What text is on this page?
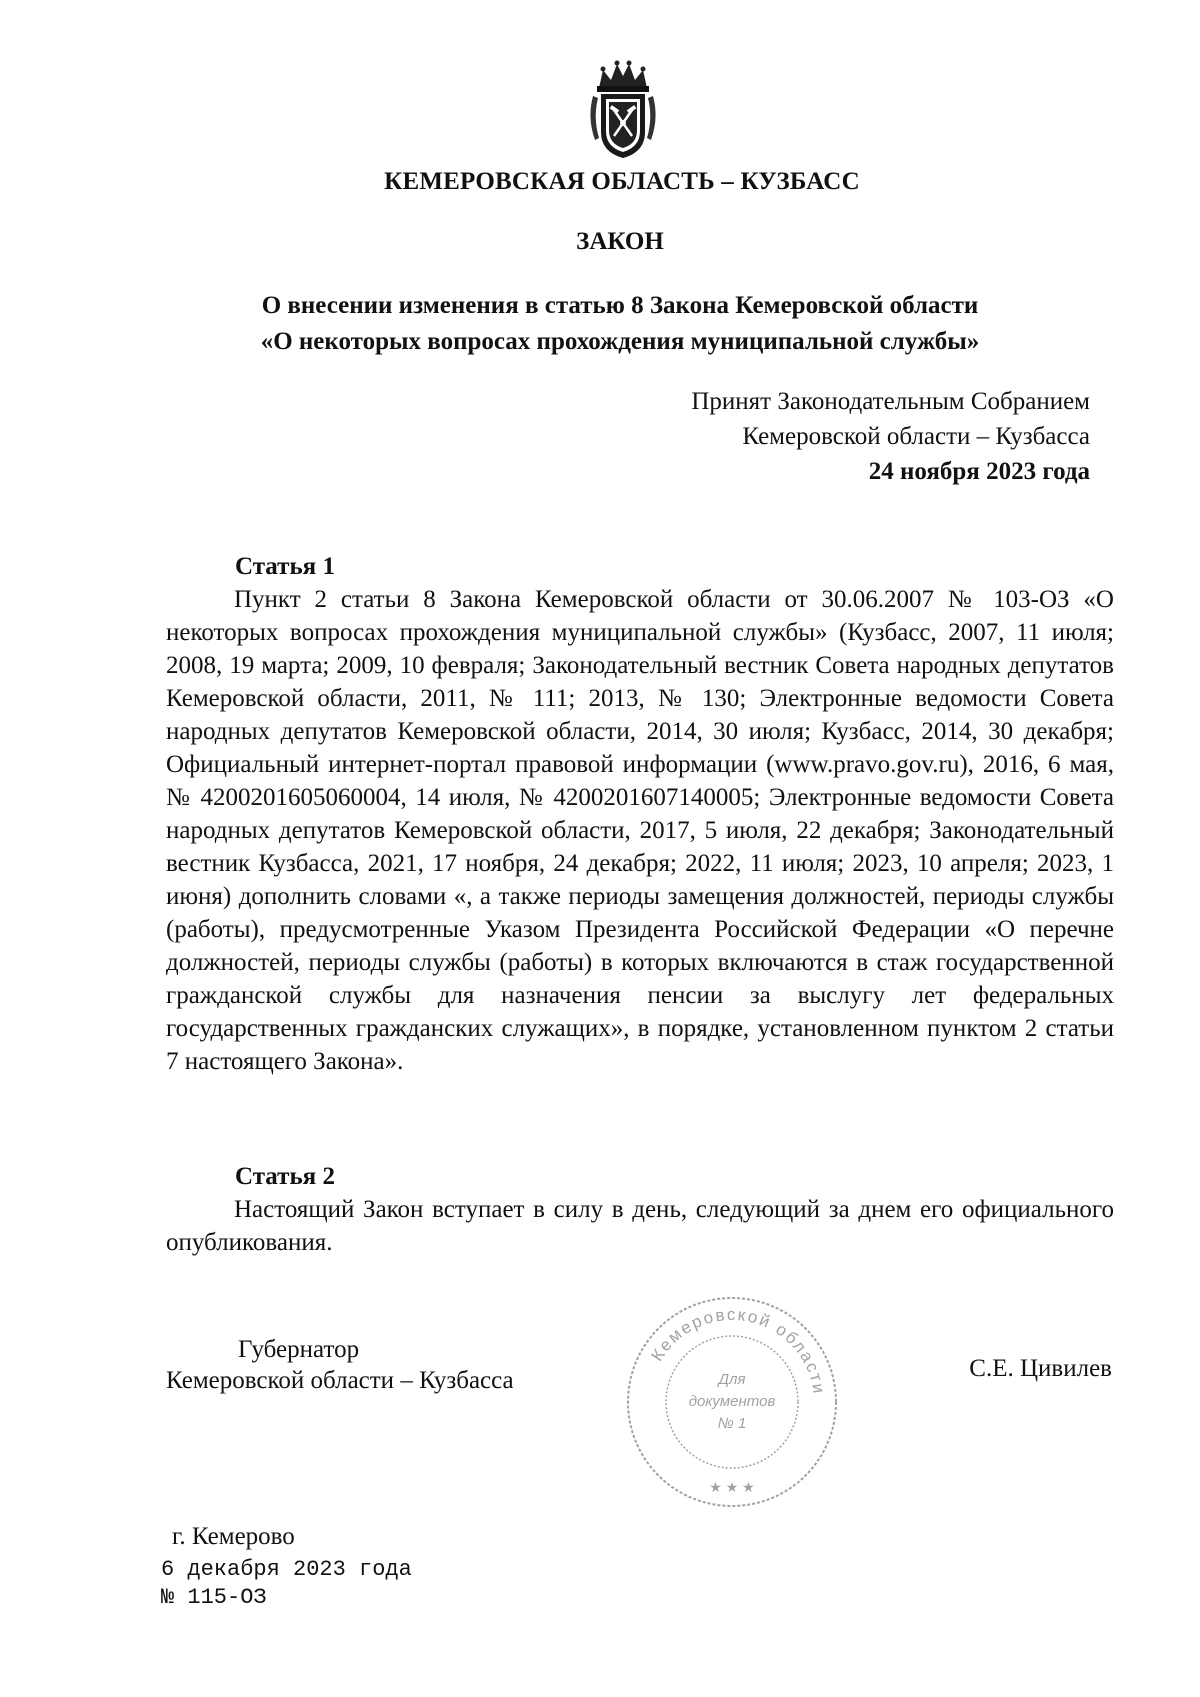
КЕМЕРОВСКАЯ ОБЛАСТЬ – КУЗБАСС
ЗАКОН
О внесении изменения в статью 8 Закона Кемеровской области
«О некоторых вопросах прохождения муниципальной службы»
Принят Законодательным Собранием
Кемеровской области – Кузбасса
24 ноября 2023 года
Статья 1
Пункт 2 статьи 8 Закона Кемеровской области от 30.06.2007 № 103-ОЗ «О некоторых вопросах прохождения муниципальной службы» (Кузбасс, 2007, 11 июля; 2008, 19 марта; 2009, 10 февраля; Законодательный вестник Совета народных депутатов Кемеровской области, 2011, № 111; 2013, № 130; Электронные ведомости Совета народных депутатов Кемеровской области, 2014, 30 июля; Кузбасс, 2014, 30 декабря; Официальный интернет-портал правовой информации (www.pravo.gov.ru), 2016, 6 мая, № 4200201605060004, 14 июля, № 4200201607140005; Электронные ведомости Совета народных депутатов Кемеровской области, 2017, 5 июля, 22 декабря; Законодательный вестник Кузбасса, 2021, 17 ноября, 24 декабря; 2022, 11 июля; 2023, 10 апреля; 2023, 1 июня) дополнить словами «, а также периоды замещения должностей, периоды службы (работы), предусмотренные Указом Президента Российской Федерации «О перечне должностей, периоды службы (работы) в которых включаются в стаж государственной гражданской службы для назначения пенсии за выслугу лет федеральных государственных гражданских служащих», в порядке, установленном пунктом 2 статьи 7 настоящего Закона».
Статья 2
Настоящий Закон вступает в силу в день, следующий за днем его официального опубликования.
Губернатор
Кемеровской области – Кузбасса	С.Е. Цивилев
Кемеровской области
Для
документов
№ 1
★ ★ ★
г. Кемерово
6 декабря 2023 года
№ 115-ОЗ
